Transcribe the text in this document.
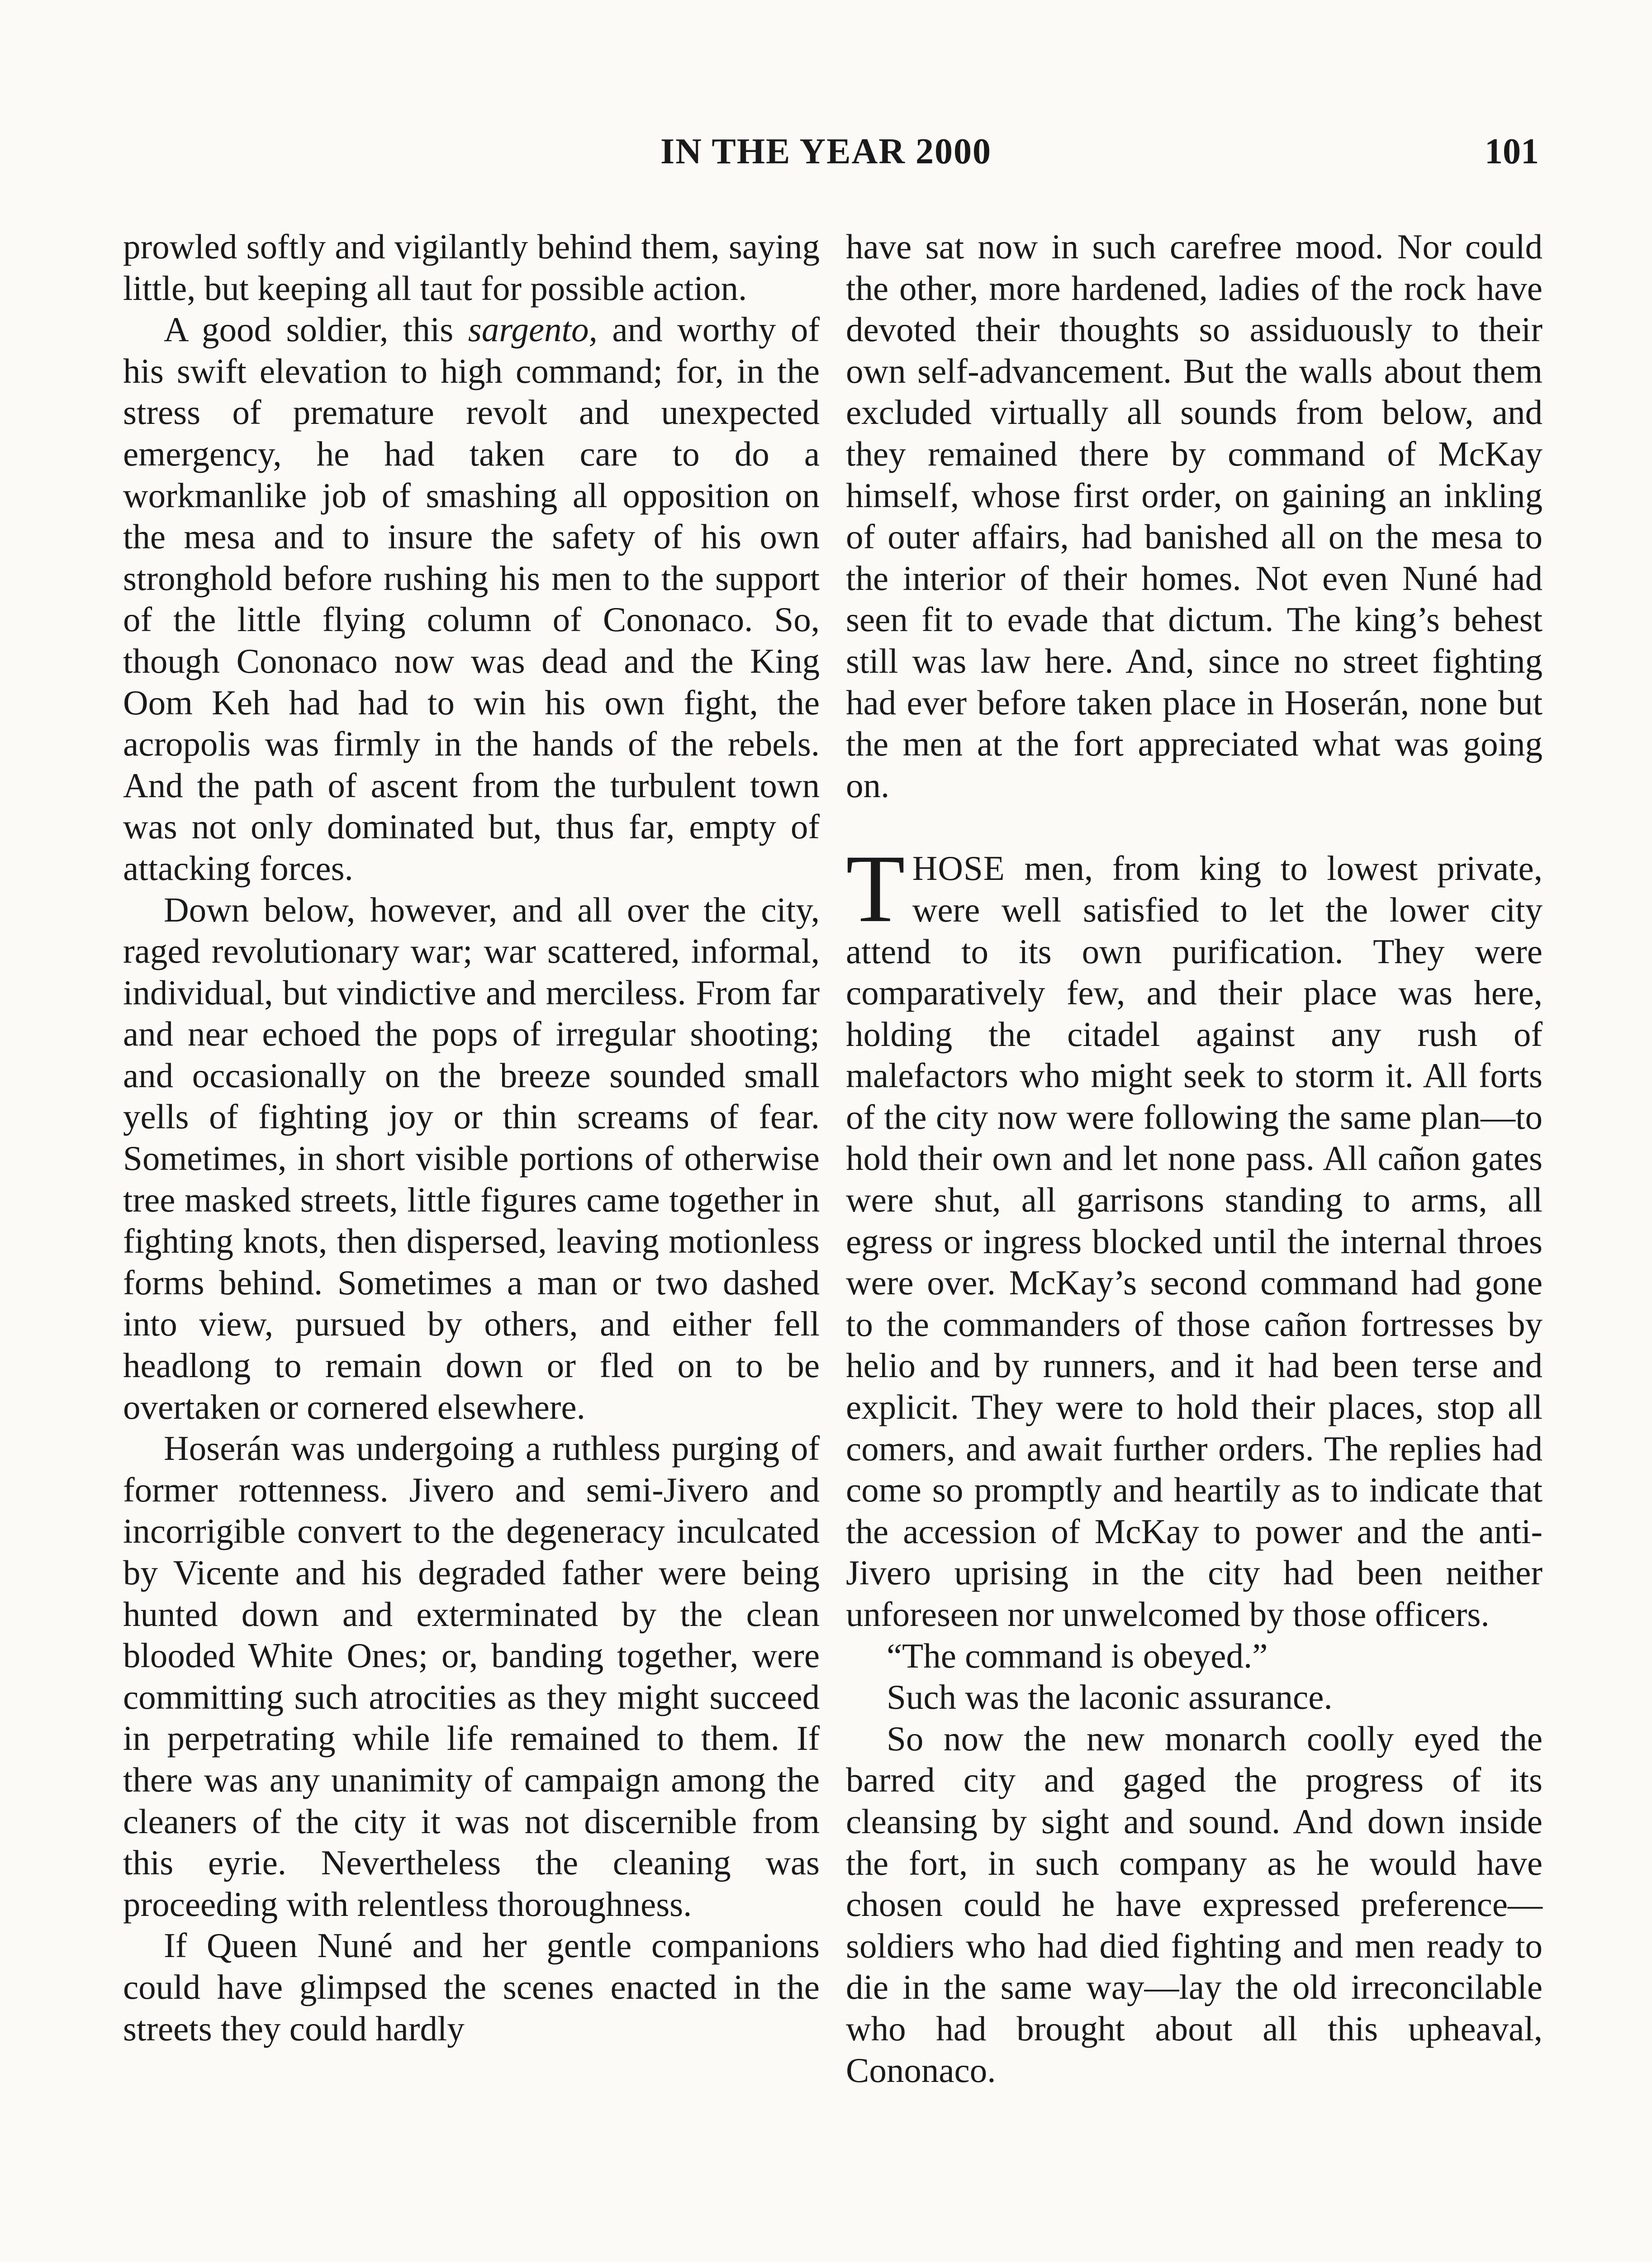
IN THE YEAR 2000	101

prowled softly and vigilantly behind them, saying little, but keeping all taut for possible action.

A good soldier, this sargento, and worthy of his swift elevation to high command; for, in the stress of premature revolt and unexpected emergency, he had taken care to do a workmanlike job of smashing all opposition on the mesa and to insure the safety of his own stronghold before rushing his men to the support of the little flying column of Cononaco. So, though Cononaco now was dead and the King Oom Keh had had to win his own fight, the acropolis was firmly in the hands of the rebels. And the path of ascent from the turbulent town was not only dominated but, thus far, empty of attacking forces.

Down below, however, and all over the city, raged revolutionary war; war scattered, informal, individual, but vindictive and merciless. From far and near echoed the pops of irregular shooting; and occasionally on the breeze sounded small yells of fighting joy or thin screams of fear. Sometimes, in short visible portions of otherwise tree masked streets, little figures came together in fighting knots, then dispersed, leaving motionless forms behind. Sometimes a man or two dashed into view, pursued by others, and either fell headlong to remain down or fled on to be overtaken or cornered elsewhere.

Hoserán was undergoing a ruthless purging of former rottenness. Jivero and semi-Jivero and incorrigible convert to the degeneracy inculcated by Vicente and his degraded father were being hunted down and exterminated by the clean blooded White Ones; or, banding together, were committing such atrocities as they might succeed in perpetrating while life remained to them. If there was any unanimity of campaign among the cleaners of the city it was not discernible from this eyrie. Nevertheless the cleaning was proceeding with relentless thoroughness.

If Queen Nuné and her gentle companions could have glimpsed the scenes enacted in the streets they could hardly

have sat now in such carefree mood. Nor could the other, more hardened, ladies of the rock have devoted their thoughts so assiduously to their own self-advancement. But the walls about them excluded virtually all sounds from below, and they remained there by command of McKay himself, whose first order, on gaining an inkling of outer affairs, had banished all on the mesa to the interior of their homes. Not even Nuné had seen fit to evade that dictum. The king’s behest still was law here. And, since no street fighting had ever before taken place in Hoserán, none but the men at the fort appreciated what was going on.

THOSE men, from king to lowest private, were well satisfied to let the lower city attend to its own purification. They were comparatively few, and their place was here, holding the citadel against any rush of malefactors who might seek to storm it. All forts of the city now were following the same plan—to hold their own and let none pass. All cañon gates were shut, all garrisons standing to arms, all egress or ingress blocked until the internal throes were over. McKay’s second command had gone to the commanders of those cañon fortresses by helio and by runners, and it had been terse and explicit. They were to hold their places, stop all comers, and await further orders. The replies had come so promptly and heartily as to indicate that the accession of McKay to power and the anti-Jivero uprising in the city had been neither unforeseen nor unwelcomed by those officers.

“The command is obeyed.”

Such was the laconic assurance.

So now the new monarch coolly eyed the barred city and gaged the progress of its cleansing by sight and sound. And down inside the fort, in such company as he would have chosen could he have expressed preference—soldiers who had died fighting and men ready to die in the same way—lay the old irreconcilable who had brought about all this upheaval, Cononaco.
